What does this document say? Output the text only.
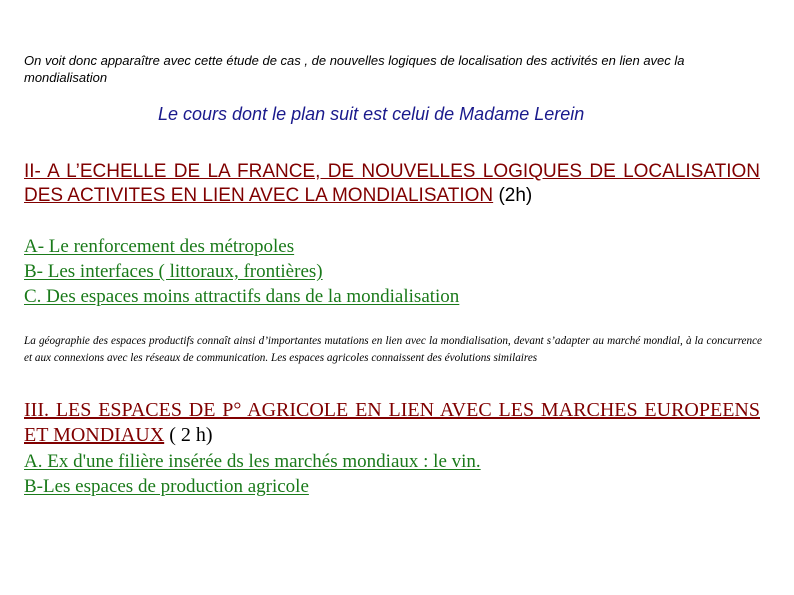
On voit donc apparaître avec cette étude de cas , de nouvelles logiques de localisation des activités en lien avec la mondialisation
Le cours dont le plan suit est celui de Madame Lerein
II- A L’ECHELLE DE LA FRANCE, DE NOUVELLES LOGIQUES DE LOCALISATION DES ACTIVITES EN LIEN AVEC LA MONDIALISATION (2h)
A- Le renforcement des métropoles
B- Les interfaces ( littoraux, frontières)
C. Des espaces moins attractifs dans de la mondialisation
La géographie des espaces productifs connaît ainsi d’importantes mutations en lien avec la mondialisation, devant s’adapter au marché mondial, à la concurrence et aux connexions avec les réseaux de communication. Les espaces agricoles connaissent des évolutions similaires
III. LES ESPACES DE P° AGRICOLE EN LIEN AVEC LES MARCHES EUROPEENS ET MONDIAUX ( 2 h)
A. Ex d'une filière insérée ds les marchés mondiaux : le vin.
B-Les espaces de production agricole
